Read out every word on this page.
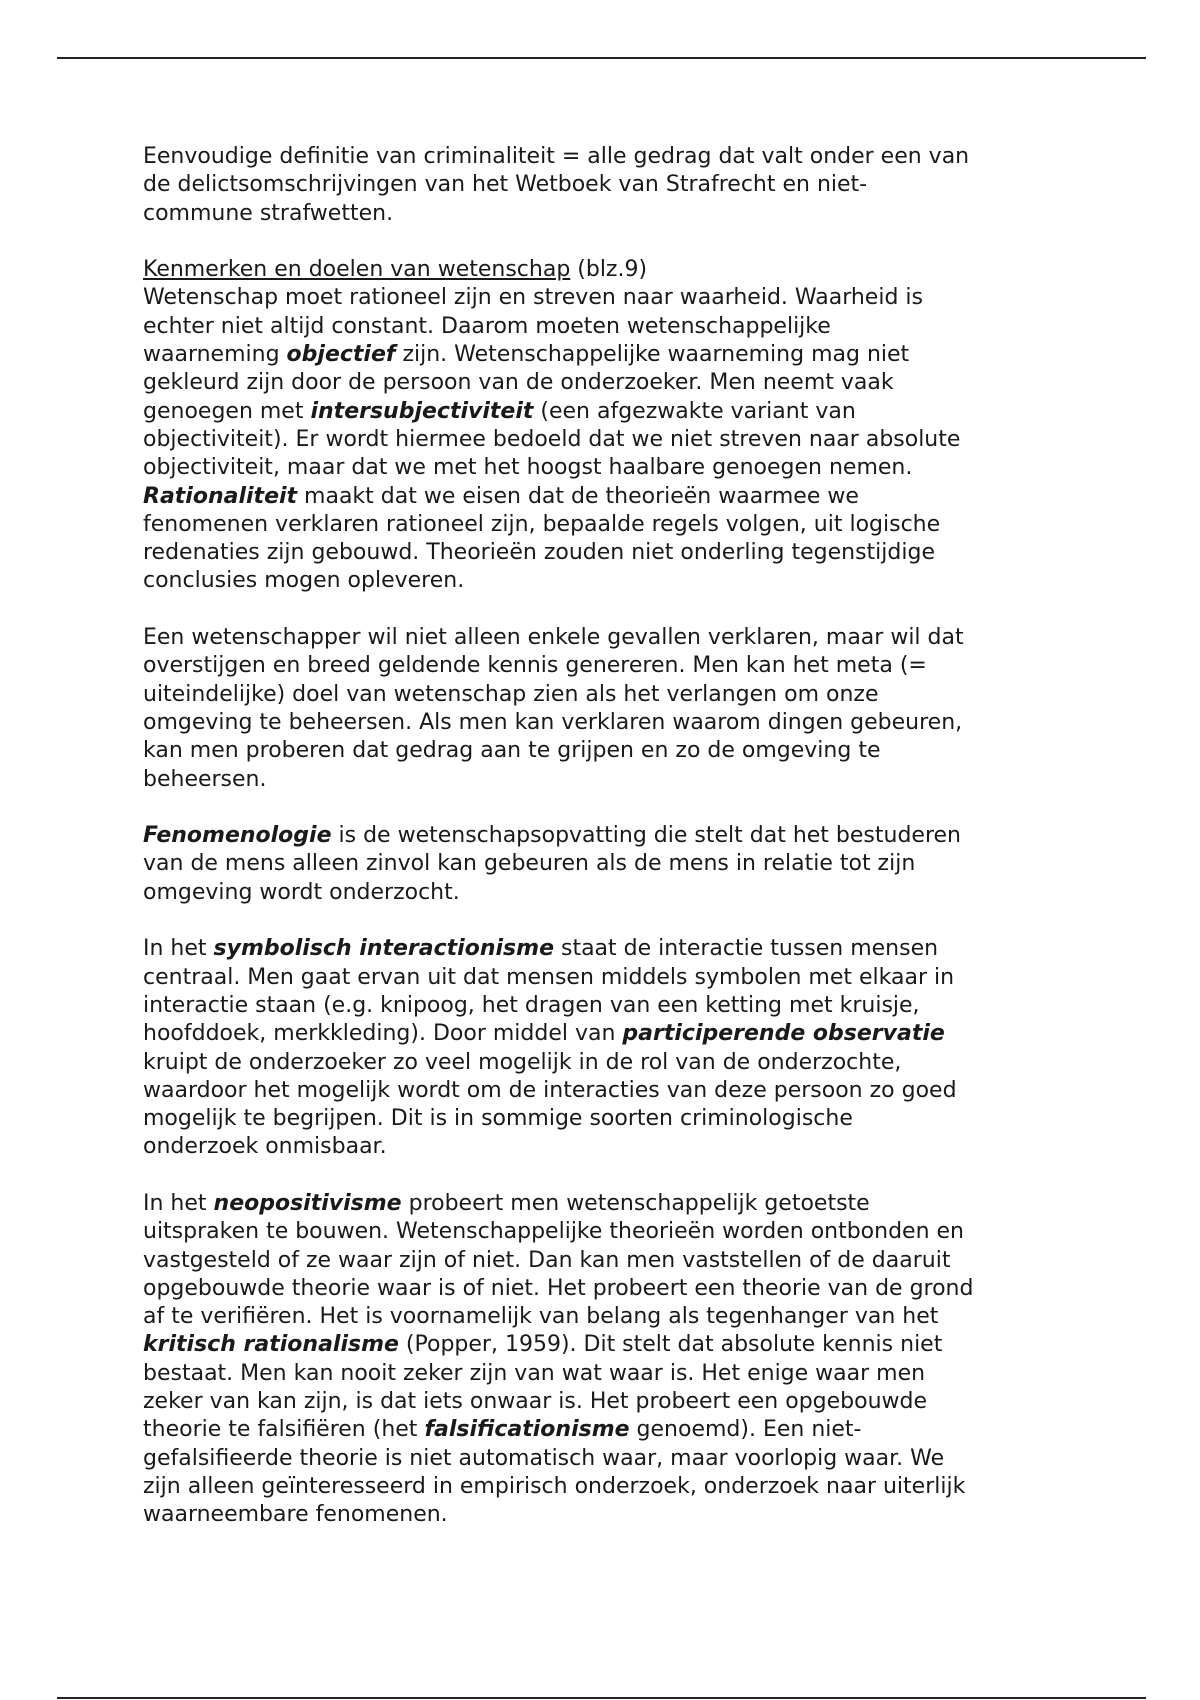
Eenvoudige definitie van criminaliteit = alle gedrag dat valt onder een van
de delictsomschrijvingen van het Wetboek van Strafrecht en niet-
commune strafwetten.

Kenmerken en doelen van wetenschap (blz.9)
Wetenschap moet rationeel zijn en streven naar waarheid. Waarheid is
echter niet altijd constant. Daarom moeten wetenschappelijke
waarneming objectief zijn. Wetenschappelijke waarneming mag niet
gekleurd zijn door de persoon van de onderzoeker. Men neemt vaak
genoegen met intersubjectiviteit (een afgezwakte variant van
objectiviteit). Er wordt hiermee bedoeld dat we niet streven naar absolute
objectiviteit, maar dat we met het hoogst haalbare genoegen nemen.
Rationaliteit maakt dat we eisen dat de theorieën waarmee we
fenomenen verklaren rationeel zijn, bepaalde regels volgen, uit logische
redenaties zijn gebouwd. Theorieën zouden niet onderling tegenstijdige
conclusies mogen opleveren.

Een wetenschapper wil niet alleen enkele gevallen verklaren, maar wil dat
overstijgen en breed geldende kennis genereren. Men kan het meta (=
uiteindelijke) doel van wetenschap zien als het verlangen om onze
omgeving te beheersen. Als men kan verklaren waarom dingen gebeuren,
kan men proberen dat gedrag aan te grijpen en zo de omgeving te
beheersen.

Fenomenologie is de wetenschapsopvatting die stelt dat het bestuderen
van de mens alleen zinvol kan gebeuren als de mens in relatie tot zijn
omgeving wordt onderzocht.

In het symbolisch interactionisme staat de interactie tussen mensen
centraal. Men gaat ervan uit dat mensen middels symbolen met elkaar in
interactie staan (e.g. knipoog, het dragen van een ketting met kruisje,
hoofddoek, merkkleding). Door middel van participerende observatie
kruipt de onderzoeker zo veel mogelijk in de rol van de onderzochte,
waardoor het mogelijk wordt om de interacties van deze persoon zo goed
mogelijk te begrijpen. Dit is in sommige soorten criminologische
onderzoek onmisbaar.

In het neopositivisme probeert men wetenschappelijk getoetste
uitspraken te bouwen. Wetenschappelijke theorieën worden ontbonden en
vastgesteld of ze waar zijn of niet. Dan kan men vaststellen of de daaruit
opgebouwde theorie waar is of niet. Het probeert een theorie van de grond
af te verifiëren. Het is voornamelijk van belang als tegenhanger van het
kritisch rationalisme (Popper, 1959). Dit stelt dat absolute kennis niet
bestaat. Men kan nooit zeker zijn van wat waar is. Het enige waar men
zeker van kan zijn, is dat iets onwaar is. Het probeert een opgebouwde
theorie te falsifiëren (het falsificationisme genoemd). Een niet-
gefalsifieerde theorie is niet automatisch waar, maar voorlopig waar. We
zijn alleen geïnteresseerd in empirisch onderzoek, onderzoek naar uiterlijk
waarneembare fenomenen.
